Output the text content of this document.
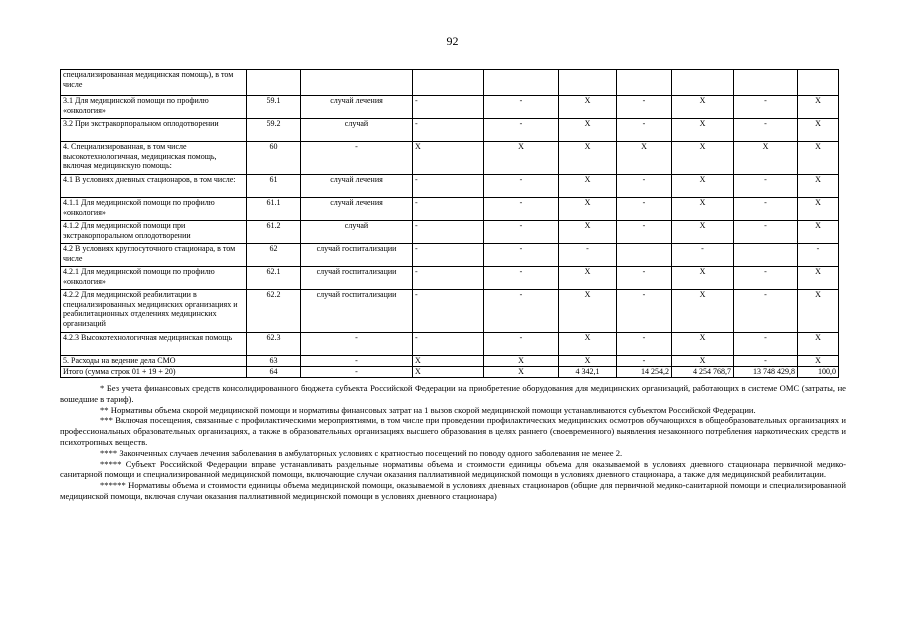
92
специализированная медицинская помощь), в том числе									
3.1 Для медицинской помощи по профилю «онкология»	59.1	случай лечения	-	-	X	-	X	-	X
3.2 При экстракорпоральном оплодотворении	59.2	случай	-	-	X	-	X	-	X
4. Специализированная, в том числе высокотехнологичная, медицинская помощь, включая медицинскую помощь:	60	-	X	X	X	X	X	X	X
4.1 В условиях дневных стационаров, в том числе:	61	случай лечения	-	-	X	-	X	-	X
4.1.1 Для медицинской помощи по профилю «онкология»	61.1	случай лечения	-	-	X	-	X	-	X
4.1.2 Для медицинской помощи при экстракорпоральном оплодотворении	61.2	случай	-	-	X	-	X	-	X
4.2 В условиях круглосуточного стационара, в том числе	62	случай госпитализации	-	-	-		-		-
4.2.1 Для медицинской помощи по профилю «онкология»	62.1	случай госпитализации	-	-	X	-	X	-	X
4.2.2 Для медицинской реабилитации в специализированных медицинских организациях и реабилитационных отделениях медицинских организаций	62.2	случай госпитализации	-	-	X	-	X	-	X
4.2.3 Высокотехнологичная медицинская помощь	62.3	-	-	-	X	-	X	-	X
5. Расходы на ведение дела СМО	63	-	X	X	X	-	X	-	X
Итого (сумма строк 01 + 19 + 20)	64	-	X	X	4 342,1	14 254,2	4 254 768,7	13 748 429,8	100,0

* Без учета финансовых средств консолидированного бюджета субъекта Российской Федерации на приобретение оборудования для медицинских организаций, работающих в системе ОМС (затраты, не вошедшие в тариф).

** Нормативы объема скорой медицинской помощи и нормативы финансовых затрат на 1 вызов скорой медицинской помощи устанавливаются субъектом Российской Федерации.

*** Включая посещения, связанные с профилактическими мероприятиями, в том числе при проведении профилактических медицинских осмотров обучающихся в общеобразовательных организациях и профессиональных образовательных организациях, а также в образовательных организациях высшего образования в целях раннего (своевременного) выявления незаконного потребления наркотических средств и психотропных веществ.

**** Законченных случаев лечения заболевания в амбулаторных условиях с кратностью посещений по поводу одного заболевания не менее 2.

***** Субъект Российской Федерации вправе устанавливать раздельные нормативы объема и стоимости единицы объема для оказываемой в условиях дневного стационара первичной медико-санитарной помощи и специализированной медицинской помощи, включающие случаи оказания паллиативной медицинской помощи в условиях дневного стационара, а также для медицинской реабилитации.

****** Нормативы объема и стоимости единицы объема медицинской помощи, оказываемой в условиях дневных стационаров (общие для первичной медико-санитарной помощи и специализированной медицинской помощи, включая случаи оказания паллиативной медицинской помощи в условиях дневного стационара)
